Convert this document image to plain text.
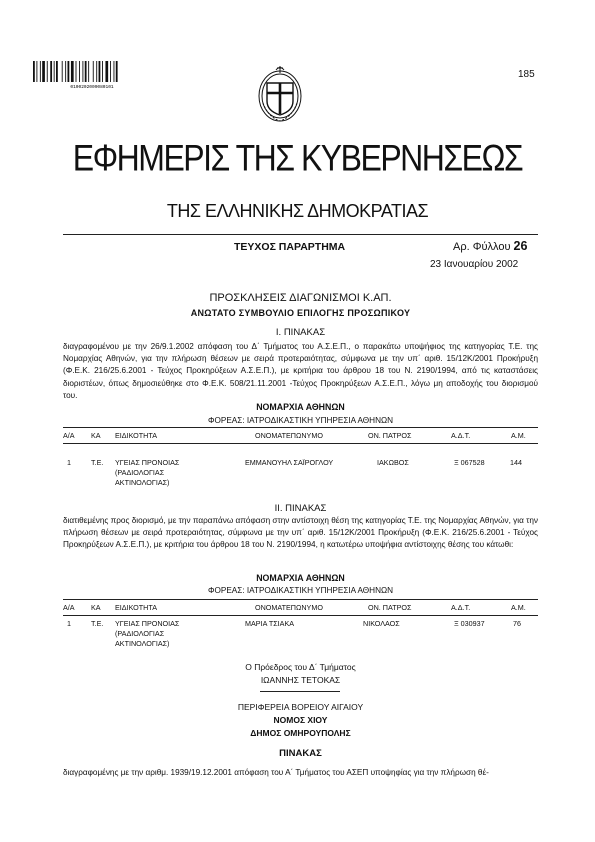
0100202009080101
185
ΕΦΗΜΕΡΙΣ ΤΗΣ ΚΥΒΕΡΝΗΣΕΩΣ
ΤΗΣ ΕΛΛΗΝΙΚΗΣ ΔΗΜΟΚΡΑΤΙΑΣ
ΤΕΥΧΟΣ ΠΑΡΑΡΤΗΜΑ	Αρ. Φύλλου 26
23 Ιανουαρίου 2002
ΠΡΟΣΚΛΗΣΕΙΣ ΔΙΑΓΩΝΙΣΜΟΙ Κ.ΑΠ.
ΑΝΩΤΑΤΟ ΣΥΜΒΟΥΛΙΟ ΕΠΙΛΟΓΗΣ ΠΡΟΣΩΠΙΚΟΥ
Ι. ΠΙΝΑΚΑΣ
διαγραφομένου με την 26/9.1.2002 απόφαση του Δ΄ Τμήματος του Α.Σ.Ε.Π., ο παρακάτω υποψήφιος της κατηγορίας Τ.Ε. της Νομαρχίας Αθηνών, για την πλήρωση θέσεων με σειρά προτεραιότητας, σύμφωνα με την υπ΄ αριθ. 15/12Κ/2001 Προκήρυξη (Φ.Ε.Κ. 216/25.6.2001 - Τεύχος Προκηρύξεων Α.Σ.Ε.Π.), με κριτήρια του άρθρου 18 του Ν. 2190/1994, από τις καταστάσεις διοριστέων, όπως δημοσιεύθηκε στο Φ.Ε.Κ. 508/21.11.2001 -Τεύχος Προκηρύξεων Α.Σ.Ε.Π., λόγω μη αποδοχής του διορισμού του.
ΝΟΜΑΡΧΙΑ ΑΘΗΝΩΝ
ΦΟΡΕΑΣ: ΙΑΤΡΟΔΙΚΑΣΤΙΚΗ ΥΠΗΡΕΣΙΑ ΑΘΗΝΩΝ
Α/Α ΚΑ ΕΙΔΙΚΟΤΗΤΑ	ΟΝΟΜΑΤΕΠΩΝΥΜΟ	ΟΝ. ΠΑΤΡΟΣ	Α.Δ.Τ.	Α.Μ.
1	Τ.Ε. ΥΓΕΙΑΣ ΠΡΟΝΟΙΑΣ
(ΡΑΔΙΟΛΟΓΙΑΣ
ΑΚΤΙΝΟΛΟΓΙΑΣ)
ΕΜΜΑΝΟΥΗΛ ΣΑΪΡΟΓΛΟΥ	ΙΑΚΩΒΟΣ	Ξ 067528	144
ΙΙ. ΠΙΝΑΚΑΣ
διατιθεμένης προς διορισμό, με την παραπάνω απόφαση στην αντίστοιχη θέση της κατηγορίας Τ.Ε. της Νομαρχίας Αθηνών, για την πλήρωση θέσεων με σειρά προτεραιότητας, σύμφωνα με την υπ΄ αριθ. 15/12Κ/2001 Προκήρυξη (Φ.Ε.Κ. 216/25.6.2001 - Τεύχος Προκηρύξεων Α.Σ.Ε.Π.), με κριτήρια του άρθρου 18 του Ν. 2190/1994, η κατωτέρω υποψήφια αντίστοιχης θέσης του κάτωθι:
ΝΟΜΑΡΧΙΑ ΑΘΗΝΩΝ
ΦΟΡΕΑΣ: ΙΑΤΡΟΔΙΚΑΣΤΙΚΗ ΥΠΗΡΕΣΙΑ ΑΘΗΝΩΝ
Α/Α ΚΑ ΕΙΔΙΚΟΤΗΤΑ	ΟΝΟΜΑΤΕΠΩΝΥΜΟ	ΟΝ. ΠΑΤΡΟΣ	Α.Δ.Τ.	Α.Μ.
1	Τ.Ε. ΥΓΕΙΑΣ ΠΡΟΝΟΙΑΣ
(ΡΑΔΙΟΛΟΓΙΑΣ
ΑΚΤΙΝΟΛΟΓΙΑΣ)
ΜΑΡΙΑ ΤΣΙΑΚΑ	ΝΙΚΟΛΑΟΣ	Ξ 030937	76
Ο Πρόεδρος του Δ΄ Τμήματος
ΙΩΑΝΝΗΣ ΤΕΤΟΚΑΣ
ΠΕΡΙΦΕΡΕΙΑ ΒΟΡΕΙΟΥ ΑΙΓΑΙΟΥ
ΝΟΜΟΣ ΧΙΟΥ
ΔΗΜΟΣ ΟΜΗΡΟΥΠΟΛΗΣ
ΠΙΝΑΚΑΣ
διαγραφομένης με την αριθμ. 1939/19.12.2001 απόφαση του Α΄ Τμήματος του ΑΣΕΠ υποψηφίας για την πλήρωση θέ-
